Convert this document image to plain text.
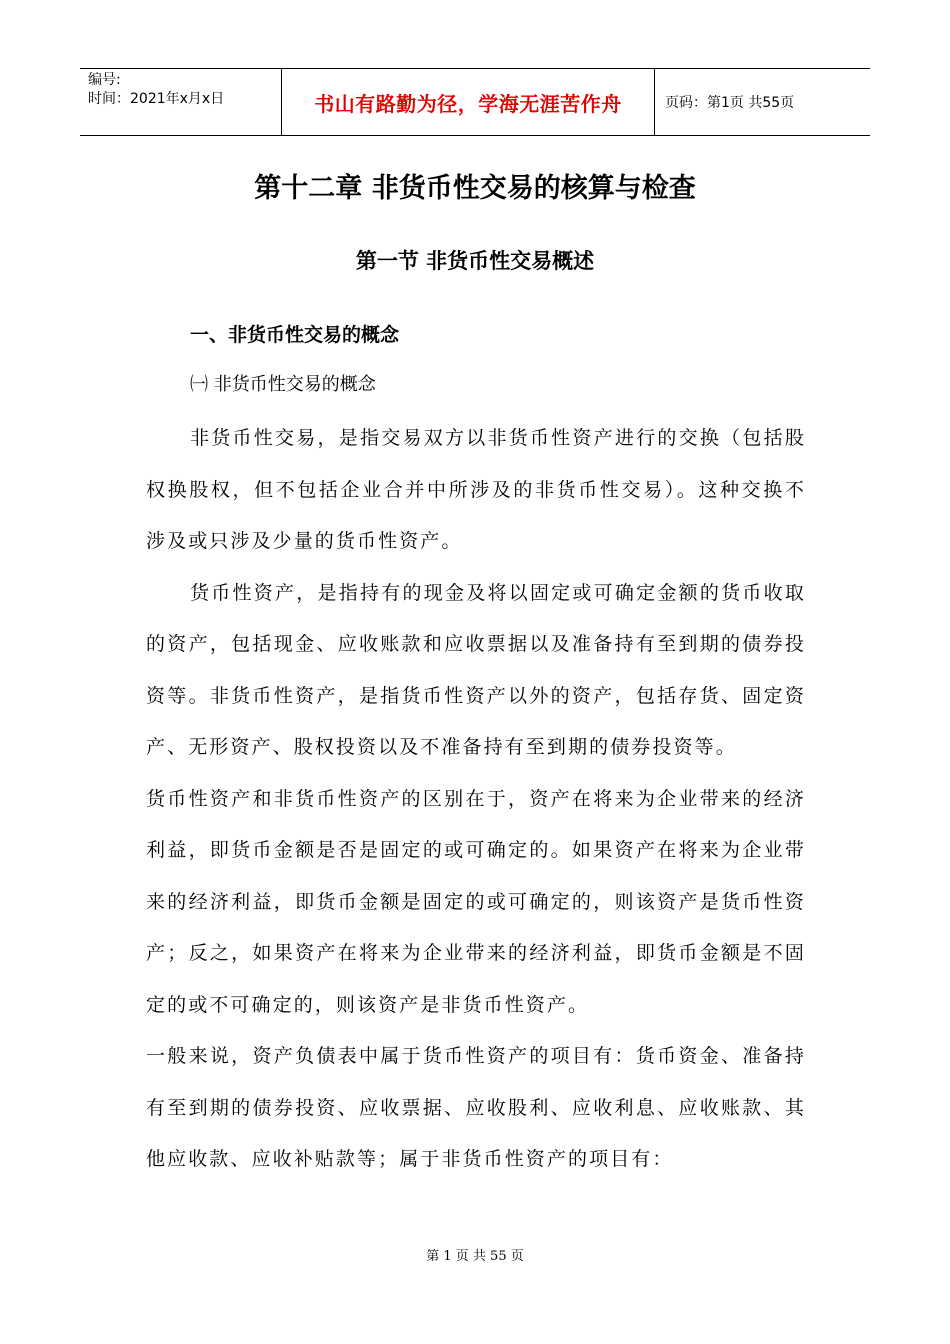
编号:
时间：2021年x月x日	书山有路勤为径，学海无涯苦作舟	页码：第1页 共55页
第十二章 非货币性交易的核算与检查
第一节 非货币性交易概述
一、非货币性交易的概念
㈠ 非货币性交易的概念

非货币性交易，是指交易双方以非货币性资产进行的交换（包括股权换股权，但不包括企业合并中所涉及的非货币性交易）。这种交换不涉及或只涉及少量的货币性资产。

货币性资产，是指持有的现金及将以固定或可确定金额的货币收取的资产，包括现金、应收账款和应收票据以及准备持有至到期的债券投资等。非货币性资产，是指货币性资产以外的资产，包括存货、固定资产、无形资产、股权投资以及不准备持有至到期的债券投资等。

货币性资产和非货币性资产的区别在于，资产在将来为企业带来的经济利益，即货币金额是否是固定的或可确定的。如果资产在将来为企业带来的经济利益，即货币金额是固定的或可确定的，则该资产是货币性资产；反之，如果资产在将来为企业带来的经济利益，即货币金额是不固定的或不可确定的，则该资产是非货币性资产。

一般来说，资产负债表中属于货币性资产的项目有：货币资金、准备持有至到期的债券投资、应收票据、应收股利、应收利息、应收账款、其他应收款、应收补贴款等；属于非货币性资产的项目有：

第 1 页 共 55 页
